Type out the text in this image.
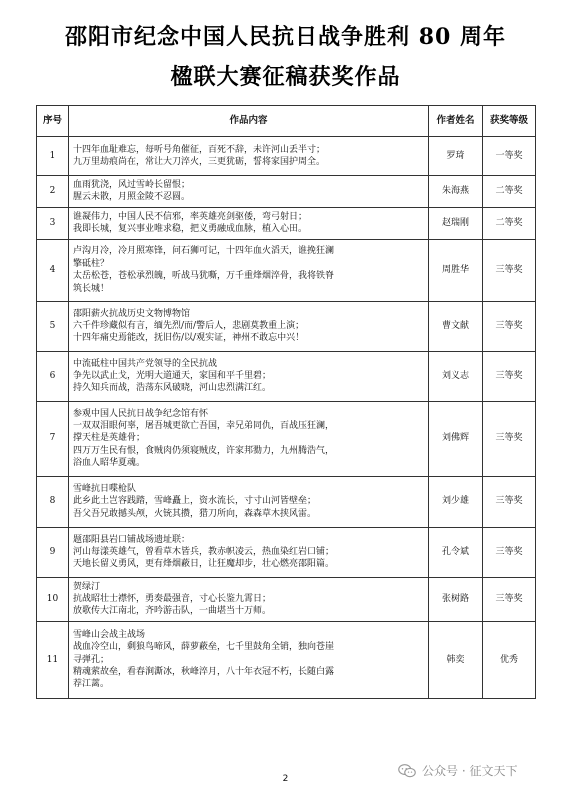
邵阳市纪念中国人民抗日战争胜利 80 周年
楹联大赛征稿获奖作品
序号	作品内容	作者姓名	获奖等级
1	十四年血耻难忘，每听号角催征，百死不辞，未许河山丢半寸；
九万里劫痕尚在，常让大刀淬火，三更犹砺，誓将家国护周全。	罗琦	一等奖
2	血雨犹浇，风过雪岭长留恨；
腥云未散，月照金陵不忍圆。	朱海燕	二等奖
3	谁凝伟力，中国人民不信邪，率英雄亮剑驱倭，弯弓射日；
我即长城，复兴事业唯求稳，把义勇融成血脉，植入心田。	赵瑞刚	二等奖
4	卢沟月冷，冷月照寒锋，问石狮可记，十四年血火滔天，谁挽狂澜
擎砥柱？
太岳松苍，苍松承烈魄，听战马犹嘶，万千重烽烟淬骨，我将铁脊
筑长城！	周胜华	三等奖
5	邵阳薪火抗战历史文物博物馆
六千件珍藏似有言，缅先烈/而/警后人，悲剧莫教重上演；
十四年痛史焉能改，抚旧伤/以/观实证，神州不敢忘中兴！	曹文献	三等奖
6	中流砥柱中国共产党领导的全民抗战
争先以武止戈，光明大道通天，家国和平千里碧；
持久知兵而战，浩荡东风破晓，河山忠烈满江红。	刘义志	三等奖
7	参观中国人民抗日战争纪念馆有怀
一双双泪眼何辜，屠吾城更欲亡吾国，幸兄弟同仇，百战压狂澜，
撑天柱是英雄骨；
四万万生民有恨，食贼肉仍须寝贼皮，许家邦勠力，九州腾浩气，
浴血人昭华夏魂。	刘佛辉	三等奖
8	雪峰抗日喋枪队
此乡此土岂容践踏，雪峰矗上，资水流长，寸寸山河皆壁垒；
吾父吾兄敢撼头颅，火铳其攒，猎刀所向，森森草木挟风雷。	刘少雄	三等奖
9	题邵阳县岩口铺战场遗址联：
河山每漾英雄气，曾看草木皆兵，教赤帜凌云，热血染红岩口铺；
天地长留义勇风，更有烽烟蔽日，让狂魔却步，壮心燃亮邵阳篇。	孔令斌	三等奖
10	贺绿汀
抗战昭壮士襟怀，勇奏最强音，寸心长鉴九霄日；
放歌传大江南北，齐吟游击队，一曲堪当十万师。	张树路	三等奖
11	雪峰山会战主战场
战血冷空山，剩狼鸟啼风，薛萝蔽垒，七千里鼓角全销，独向苍崖
寻弹孔；
精魂萦故垒，看春涧澌冰，秋峰淬月，八十年衣冠不朽，长随白露
荐江蓠。	韩奕	优秀
2
公众号 · 征文天下
